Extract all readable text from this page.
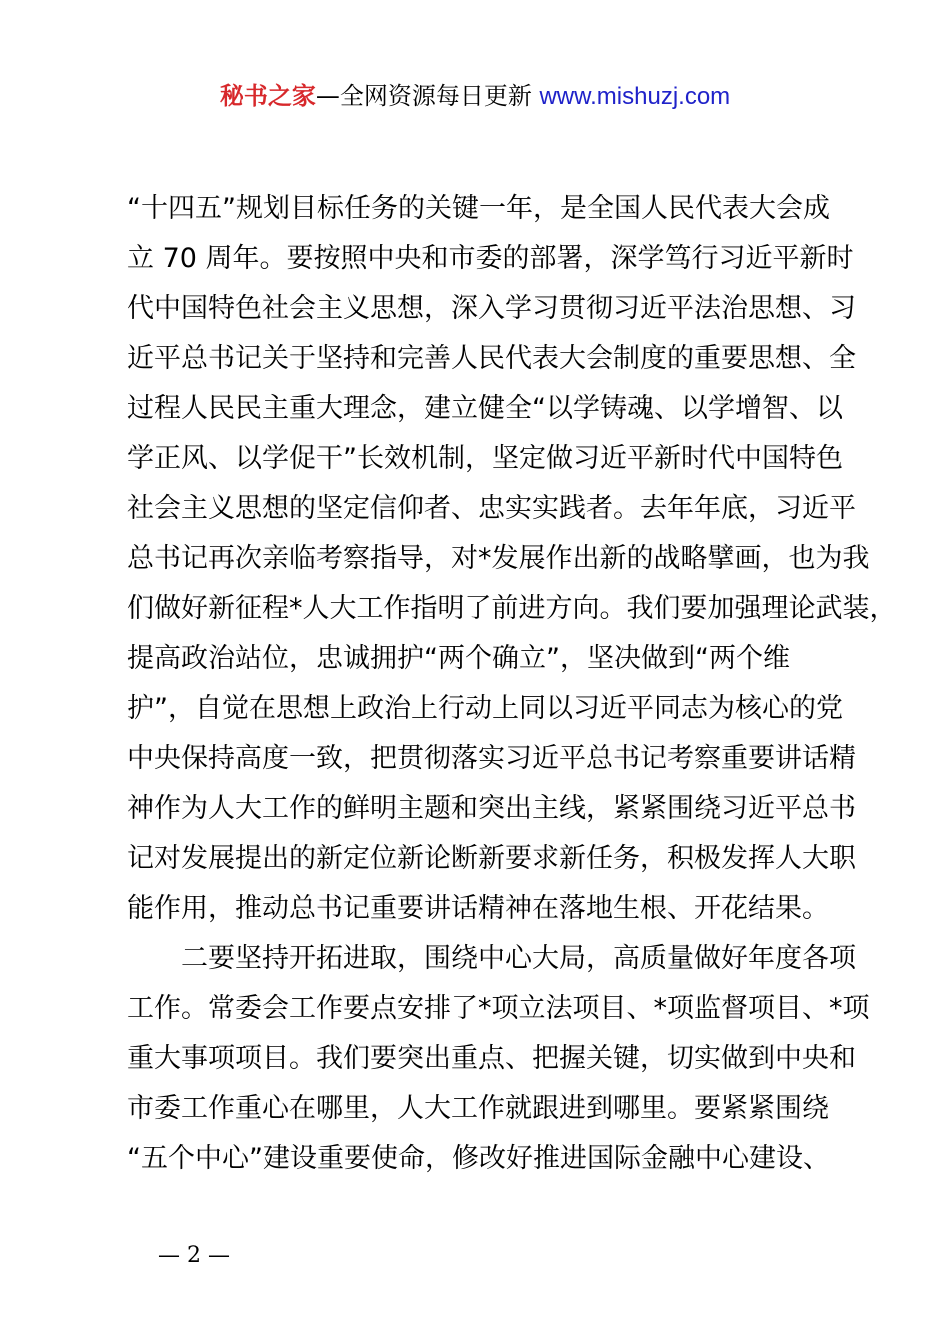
秘书之家—全网资源每日更新 www.mishuzj.com
“十四五”规划目标任务的关键一年，是全国人民代表大会成
立 70 周年。要按照中央和市委的部署，深学笃行习近平新时
代中国特色社会主义思想，深入学习贯彻习近平法治思想、习
近平总书记关于坚持和完善人民代表大会制度的重要思想、全
过程人民民主重大理念，建立健全“以学铸魂、以学增智、以
学正风、以学促干”长效机制，坚定做习近平新时代中国特色
社会主义思想的坚定信仰者、忠实实践者。去年年底，习近平
总书记再次亲临考察指导，对*发展作出新的战略擘画，也为我
们做好新征程*人大工作指明了前进方向。我们要加强理论武装，
提高政治站位，忠诚拥护“两个确立”，坚决做到“两个维
护”，自觉在思想上政治上行动上同以习近平同志为核心的党
中央保持高度一致，把贯彻落实习近平总书记考察重要讲话精
神作为人大工作的鲜明主题和突出主线，紧紧围绕习近平总书
记对发展提出的新定位新论断新要求新任务，积极发挥人大职
能作用，推动总书记重要讲话精神在落地生根、开花结果。
二要坚持开拓进取，围绕中心大局，高质量做好年度各项
工作。常委会工作要点安排了*项立法项目、*项监督项目、*项
重大事项项目。我们要突出重点、把握关键，切实做到中央和
市委工作重心在哪里，人大工作就跟进到哪里。要紧紧围绕
“五个中心”建设重要使命，修改好推进国际金融中心建设、
— 2 —
